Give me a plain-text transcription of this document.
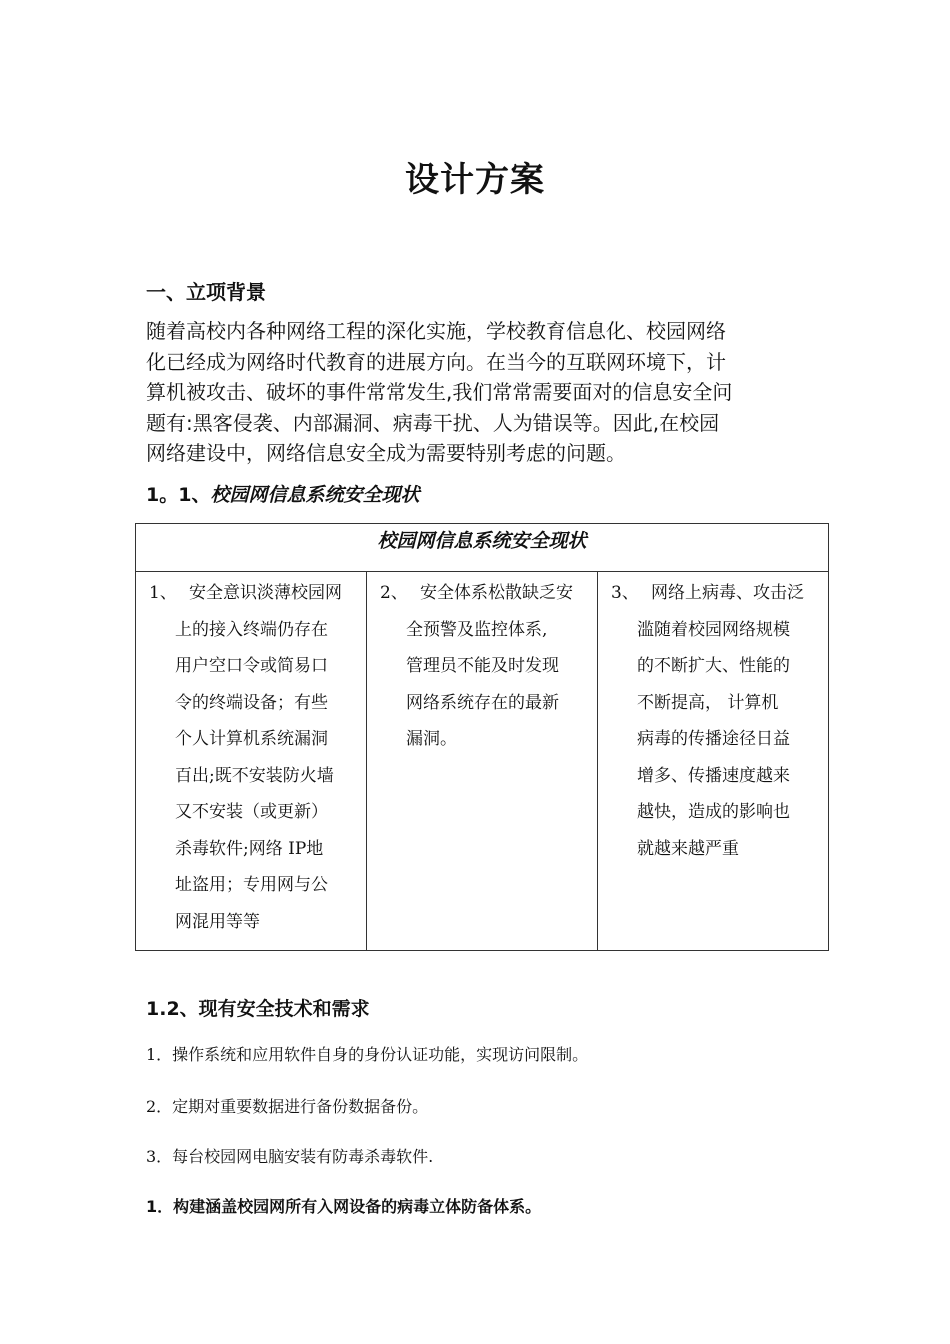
设计方案
一、立项背景
随着高校内各种网络工程的深化实施，学校教育信息化、校园网络
化已经成为网络时代教育的进展方向。在当今的互联网环境下，计
算机被攻击、破坏的事件常常发生,我们常常需要面对的信息安全问
题有:黑客侵袭、内部漏洞、病毒干扰、人为错误等。因此,在校园
网络建设中，网络信息安全成为需要特别考虑的问题。
1。1、校园网信息系统安全现状
校园网信息系统安全现状

1、 安全意识淡薄校园网
上的接入终端仍存在
用户空口令或简易口
令的终端设备；有些
个人计算机系统漏洞
百出;既不安装防火墙
又不安装（或更新）
杀毒软件;网络 IP地
址盗用；专用网与公
网混用等等

2、 安全体系松散缺乏安
全预警及监控体系,
管理员不能及时发现
网络系统存在的最新
漏洞。

3、 网络上病毒、攻击泛
滥随着校园网络规模
的不断扩大、性能的
不断提高， 计算机
病毒的传播途径日益
增多、传播速度越来
越快，造成的影响也
就越来越严重
1.2、现有安全技术和需求
1．操作系统和应用软件自身的身份认证功能，实现访问限制。
2．定期对重要数据进行备份数据备份。
3．每台校园网电脑安装有防毒杀毒软件.
1．构建涵盖校园网所有入网设备的病毒立体防备体系。
